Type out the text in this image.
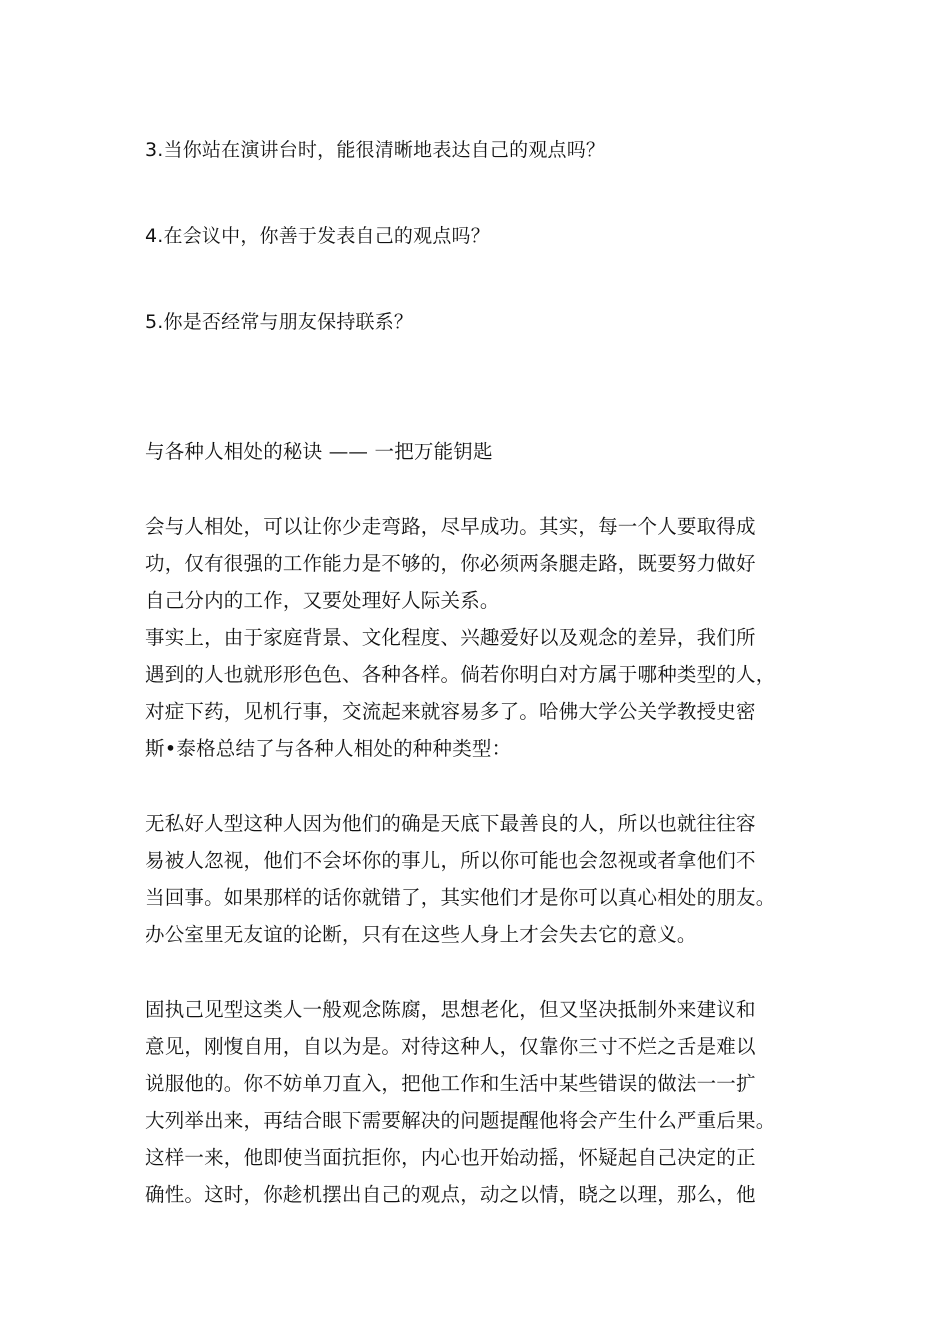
3.当你站在演讲台时，能很清晰地表达自己的观点吗？
4.在会议中，你善于发表自己的观点吗？
5.你是否经常与朋友保持联系？
与各种人相处的秘诀 —— 一把万能钥匙
会与人相处，可以让你少走弯路，尽早成功。其实，每一个人要取得成
功，仅有很强的工作能力是不够的，你必须两条腿走路，既要努力做好
自己分内的工作，又要处理好人际关系。
事实上，由于家庭背景、文化程度、兴趣爱好以及观念的差异，我们所
遇到的人也就形形色色、各种各样。倘若你明白对方属于哪种类型的人，
对症下药，见机行事，交流起来就容易多了。哈佛大学公关学教授史密
斯•泰格总结了与各种人相处的种种类型：
无私好人型这种人因为他们的确是天底下最善良的人，所以也就往往容
易被人忽视，他们不会坏你的事儿，所以你可能也会忽视或者拿他们不
当回事。如果那样的话你就错了，其实他们才是你可以真心相处的朋友。
办公室里无友谊的论断，只有在这些人身上才会失去它的意义。
固执己见型这类人一般观念陈腐，思想老化，但又坚决抵制外来建议和
意见，刚愎自用，自以为是。对待这种人，仅靠你三寸不烂之舌是难以
说服他的。你不妨单刀直入，把他工作和生活中某些错误的做法一一扩
大列举出来，再结合眼下需要解决的问题提醒他将会产生什么严重后果。
这样一来，他即使当面抗拒你，内心也开始动摇，怀疑起自己决定的正
确性。这时，你趁机摆出自己的观点，动之以情，晓之以理，那么，他
